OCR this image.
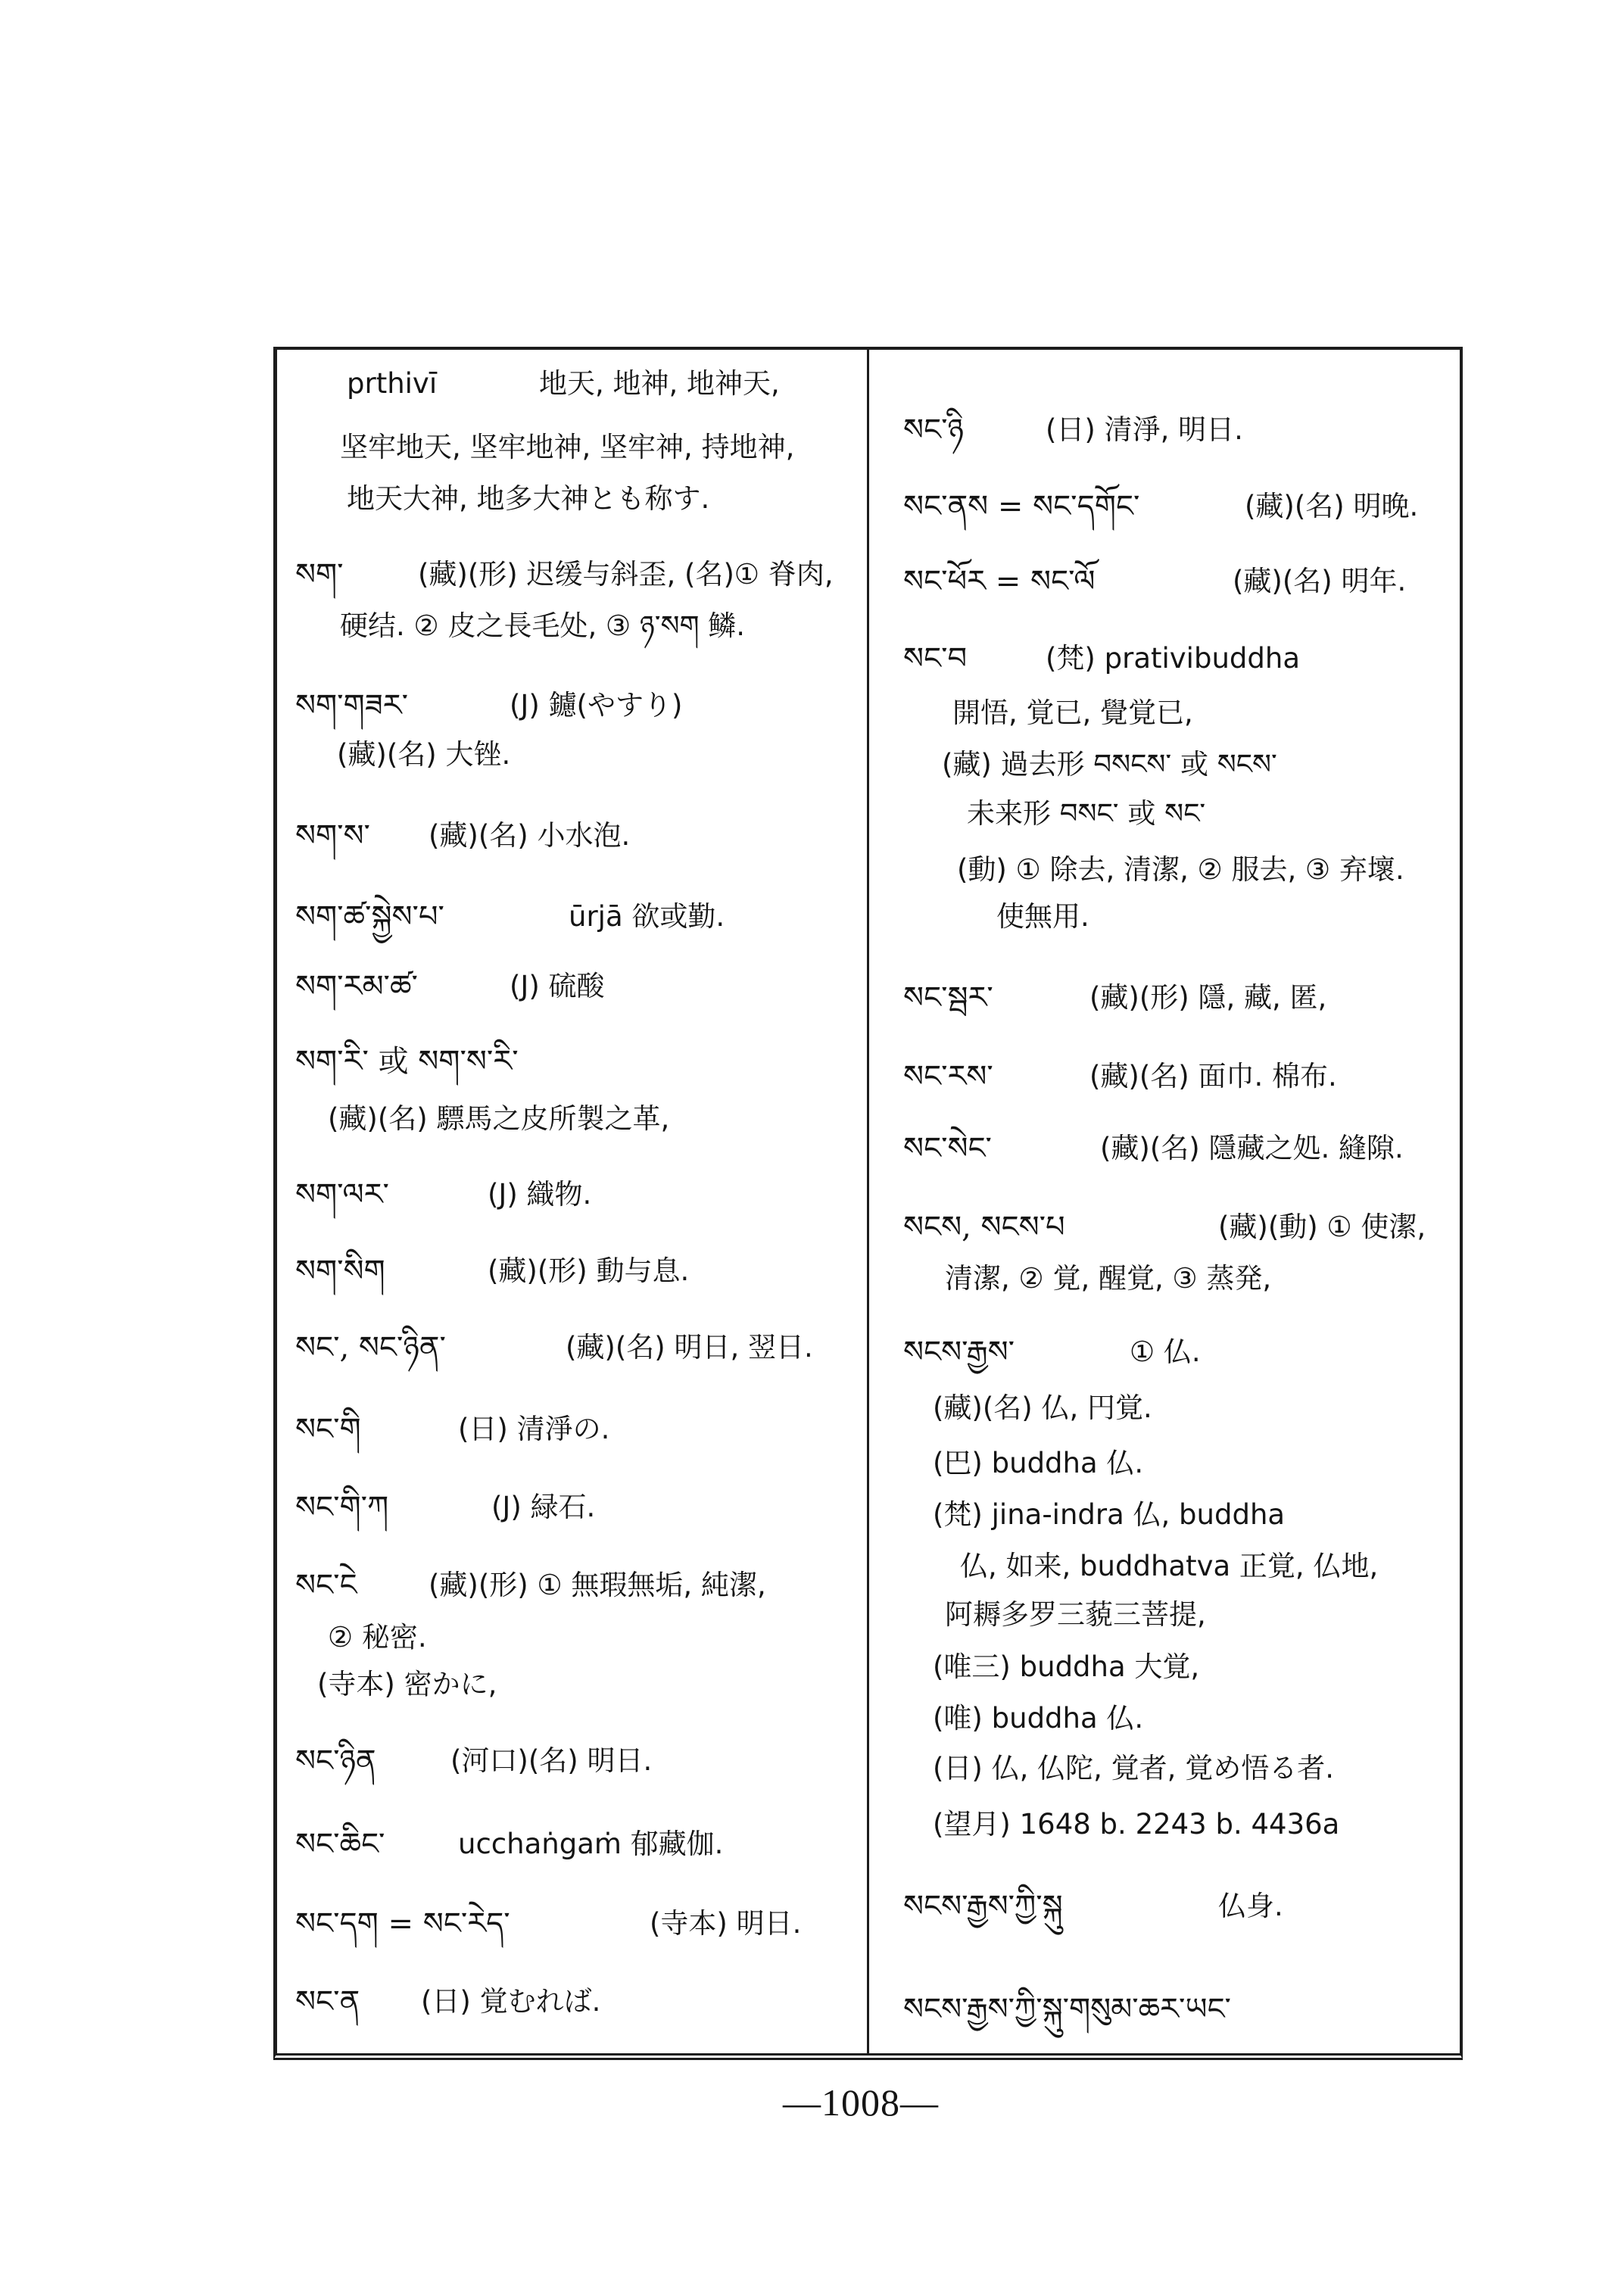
prthivī	地天, 地神, 地神天,
坚牢地天, 坚牢地神, 坚牢神, 持地神,
地天大神, 地多大神とも称す.
སག་	(藏)(形) 迟缓与斜歪, (名)① 脊肉,
硬结. ② 皮之長毛处, ③ ཉ་སག 鳞.
སག་གཟར་	(J) 鑢(やすり)
(藏)(名) 大锉.
སག་ས་ (藏)(名) 小水泡.
སག་ཚ་སྐྱེས་པ་	ūrjā 欲或勤.
སག་རམ་ཚ་	(J) 硫酸
སག་རི་ 或 སག་ས་རི་
(藏)(名) 驃馬之皮所製之革,
སག་ལར་	(J) 織物.
སག་སིག	(藏)(形) 動与息.
སང་, སང་ཉིན་	(藏)(名) 明日, 翌日.
སང་གི	(日) 清淨の.
སང་གི་ཀ	(J) 緑石.
སང་ངེ	(藏)(形) ① 無瑕無垢, 純潔,
② 秘密.
(寺本) 密かに,
སང་ཉིན	(河口)(名) 明日.
སང་ཆིང་	ucchaṅgaṁ 郁藏伽.
སང་དག = སང་རེད་	(寺本) 明日.
སང་ན (日) 覚むれば.
སང་ཉི	(日) 清淨, 明日.
སང་ནས = སང་དགོང་	(藏)(名) 明晚.
སང་ཕོར = སང་ལོ	(藏)(名) 明年.
སང་བ	(梵) prativibuddha
開悟, 覚已, 覺覚已,
(藏) 過去形 བསངས་ 或 སངས་
未来形 བསང་ 或 སང་
(動) ① 除去, 清潔, ② 服去, ③ 弃壞.
使無用.
སང་སྦར་	(藏)(形) 隱, 藏, 匿,
སང་རས་	(藏)(名) 面巾. 棉布.
སང་སེང་	(藏)(名) 隱藏之処. 縫隙.
སངས, སངས་པ	(藏)(動) ① 使潔,
清潔, ② 覚, 醒覚, ③ 蒸発,
སངས་རྒྱས་	① 仏.
(藏)(名) 仏, 円覚.
(巴) buddha 仏.
(梵) jina-indra 仏, buddha
仏, 如来, buddhatva 正覚, 仏地,
阿耨多罗三藐三菩提,
(唯三) buddha 大覚,
(唯) buddha 仏.
(日) 仏, 仏陀, 覚者, 覚め悟る者.
(望月) 1648 b. 2243 b. 4436a
སངས་རྒྱས་ཀྱི་སྐུ	仏身.
སངས་རྒྱས་ཀྱི་སྐུ་གསུམ་ཆར་ཡང་
—1008—
